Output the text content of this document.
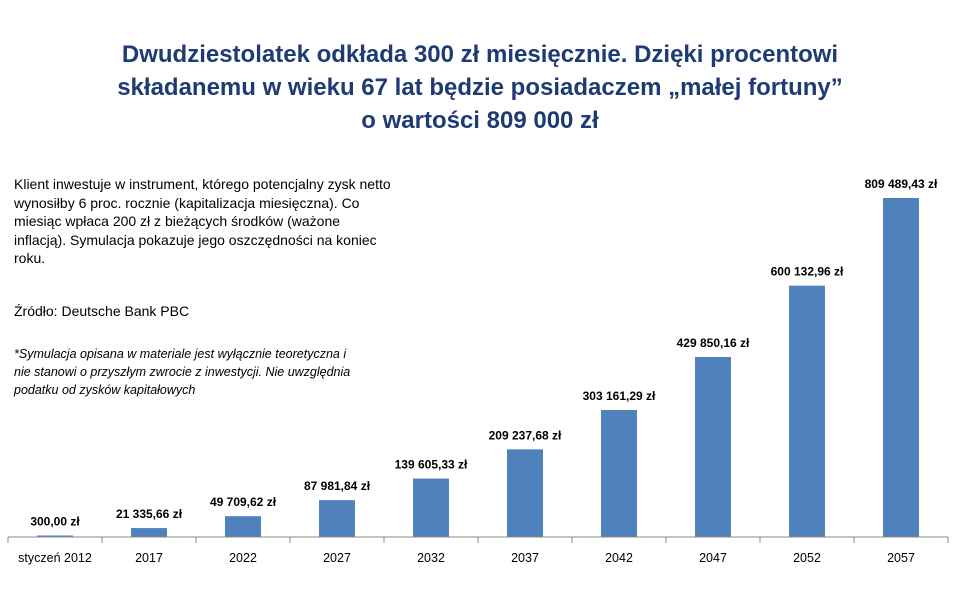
Dwudziestolatek odkłada 300 zł miesięcznie. Dzięki procentowi
składanemu w wieku 67 lat będzie posiadaczem „małej fortuny”
o wartości 809 000 zł
Klient inwestuje w instrument, którego potencjalny zysk netto wynosiłby 6 proc. rocznie (kapitalizacja miesięczna). Co miesiąc wpłaca 200 zł z bieżących środków (ważone inflacją). Symulacja pokazuje jego oszczędności na koniec roku.
Źródło: Deutsche Bank PBC
*Symulacja opisana w materiale jest wyłącznie teoretyczna i nie stanowi o przyszłym zwrocie z inwestycji. Nie uwzględnia podatku od zysków kapitałowych
300,00 zł
21 335,66 zł
49 709,62 zł
87 981,84 zł
139 605,33 zł
209 237,68 zł
303 161,29 zł
429 850,16 zł
600 132,96 zł
809 489,43 zł
styczeń 2012	2017	2022	2027	2032	2037	2042	2047	2052	2057
